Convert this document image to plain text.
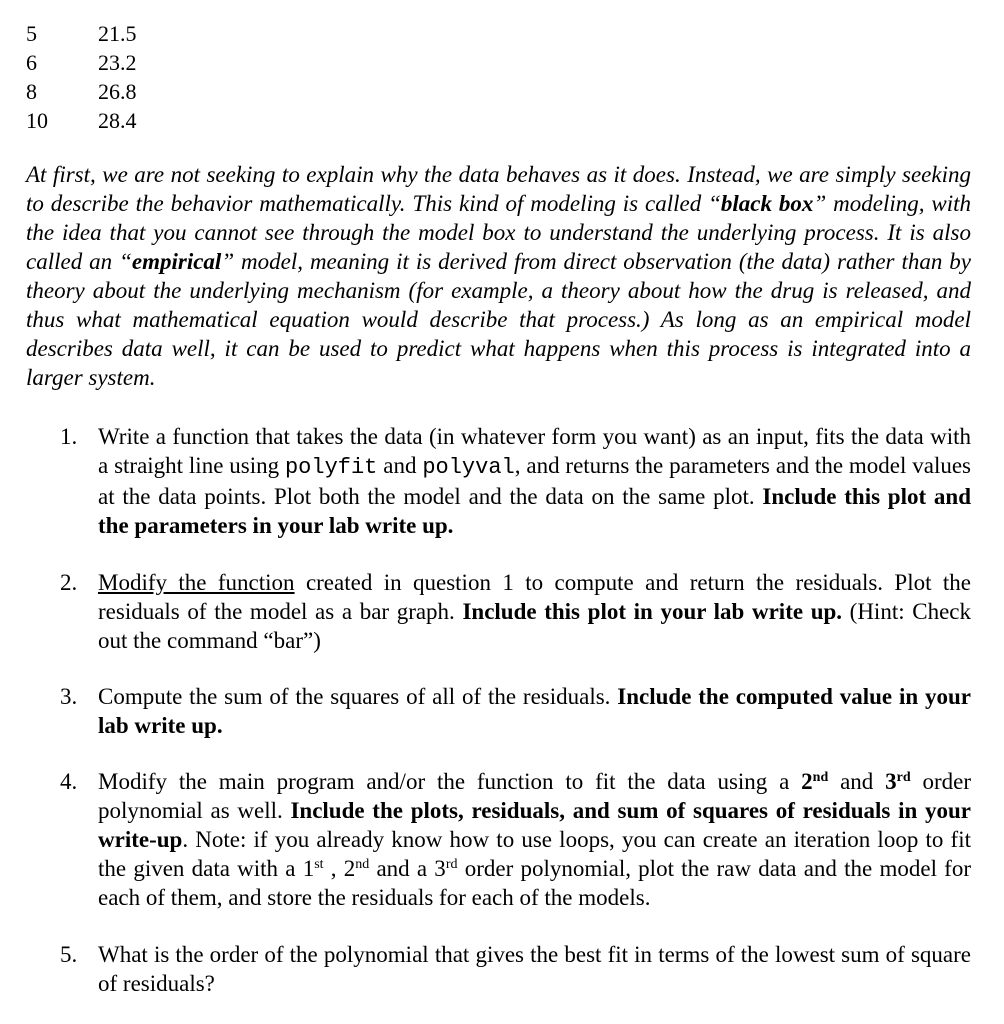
5	21.5
6	23.2
8	26.8
10	28.4

At first, we are not seeking to explain why the data behaves as it does. Instead, we are simply seeking to describe the behavior mathematically. This kind of modeling is called “black box” modeling, with the idea that you cannot see through the model box to understand the underlying process. It is also called an “empirical” model, meaning it is derived from direct observation (the data) rather than by theory about the underlying mechanism (for example, a theory about how the drug is released, and thus what mathematical equation would describe that process.) As long as an empirical model describes data well, it can be used to predict what happens when this process is integrated into a larger system.

1. Write a function that takes the data (in whatever form you want) as an input, fits the data with a straight line using polyfit and polyval, and returns the parameters and the model values at the data points. Plot both the model and the data on the same plot. Include this plot and the parameters in your lab write up.
2. Modify the function created in question 1 to compute and return the residuals. Plot the residuals of the model as a bar graph. Include this plot in your lab write up. (Hint: Check out the command “bar”)
3. Compute the sum of the squares of all of the residuals. Include the computed value in your lab write up.
4. Modify the main program and/or the function to fit the data using a 2nd and 3rd order polynomial as well. Include the plots, residuals, and sum of squares of residuals in your write-up. Note: if you already know how to use loops, you can create an iteration loop to fit the given data with a 1st , 2nd and a 3rd order polynomial, plot the raw data and the model for each of them, and store the residuals for each of the models.
5. What is the order of the polynomial that gives the best fit in terms of the lowest sum of square of residuals?
